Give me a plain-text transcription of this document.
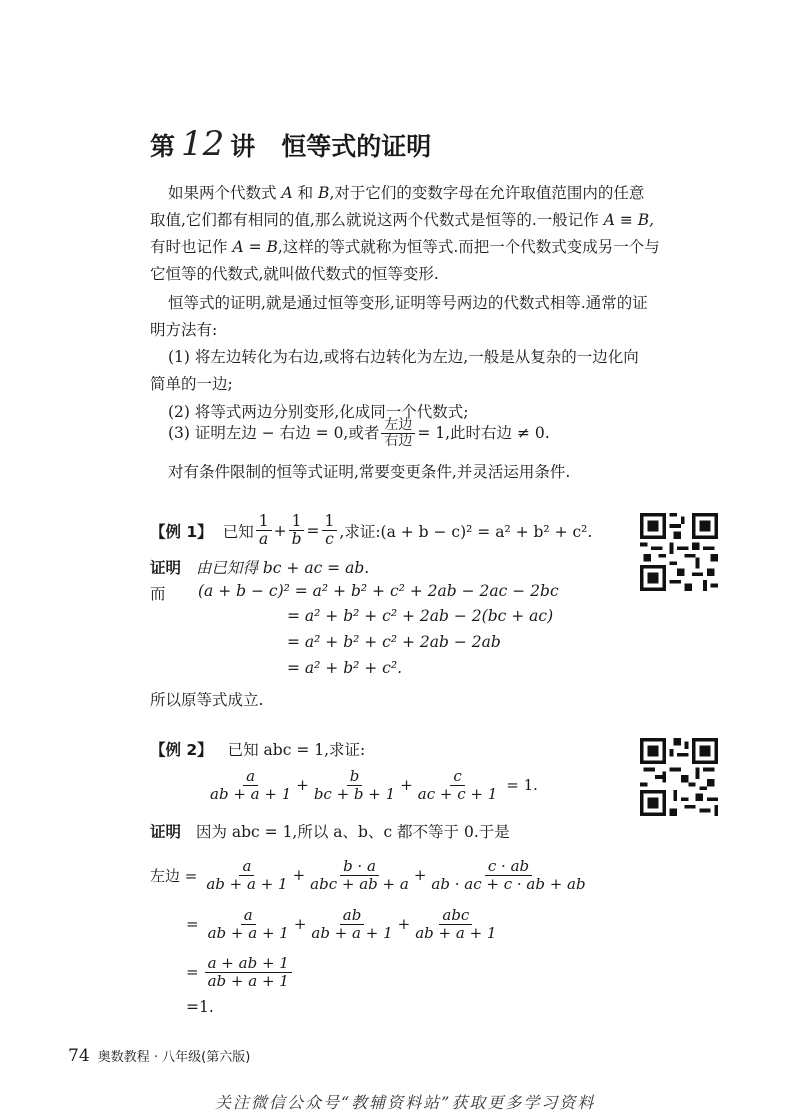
第 12 讲 恒等式的证明
如果两个代数式 A 和 B,对于它们的变数字母在允许取值范围内的任意
取值,它们都有相同的值,那么就说这两个代数式是恒等的.一般记作 A ≡ B,
有时也记作 A = B,这样的等式就称为恒等式.而把一个代数式变成另一个与
它恒等的代数式,就叫做代数式的恒等变形.
恒等式的证明,就是通过恒等变形,证明等号两边的代数式相等.通常的证
明方法有:
(1) 将左边转化为右边,或将右边转化为左边,一般是从复杂的一边化向
简单的一边;
(2) 将等式两边分别变形,化成同一个代数式;
(3) 证明左边 − 右边 = 0,或者 $\frac{\text{左边}}{\text{右边}} = 1$,此时右边 ≠ 0.
对有条件限制的恒等式证明,常要变更条件,并灵活运用条件.
【例 1】 已知 $\frac{1}{a} + \frac{1}{b} = \frac{1}{c}$ ,求证:(a + b − c)² = a² + b² + c².
证明 由已知得 bc + ac = ab.
而 (a + b − c)² = a² + b² + c² + 2ab − 2ac − 2bc
= a² + b² + c² + 2ab − 2(bc + ac)
= a² + b² + c² + 2ab − 2ab
= a² + b² + c².
所以原等式成立.
【例 2】 已知 abc = 1,求证:
$\frac{a}{ab + a + 1} + \frac{b}{bc + b + 1} + \frac{c}{ac + c + 1} = 1$.
证明 因为 abc = 1,所以 a、b、c 都不等于 0.于是
左边 = $\frac{a}{ab + a + 1} + \frac{b \cdot a}{\text{abc + ab + a}} + \frac{c \cdot ab}{ab \cdot ac + c \cdot ab + ab}$
= $\frac{a}{ab + a + 1} + \frac{ab}{ab + a + 1} + \frac{\text{abc}}{ab + a + 1}$
= $\frac{a + ab + 1}{ab + a + 1}$
=1.
74 奥数教程 · 八年级(第六版)
关注微信公众号“教辅资料站”获取更多学习资料
